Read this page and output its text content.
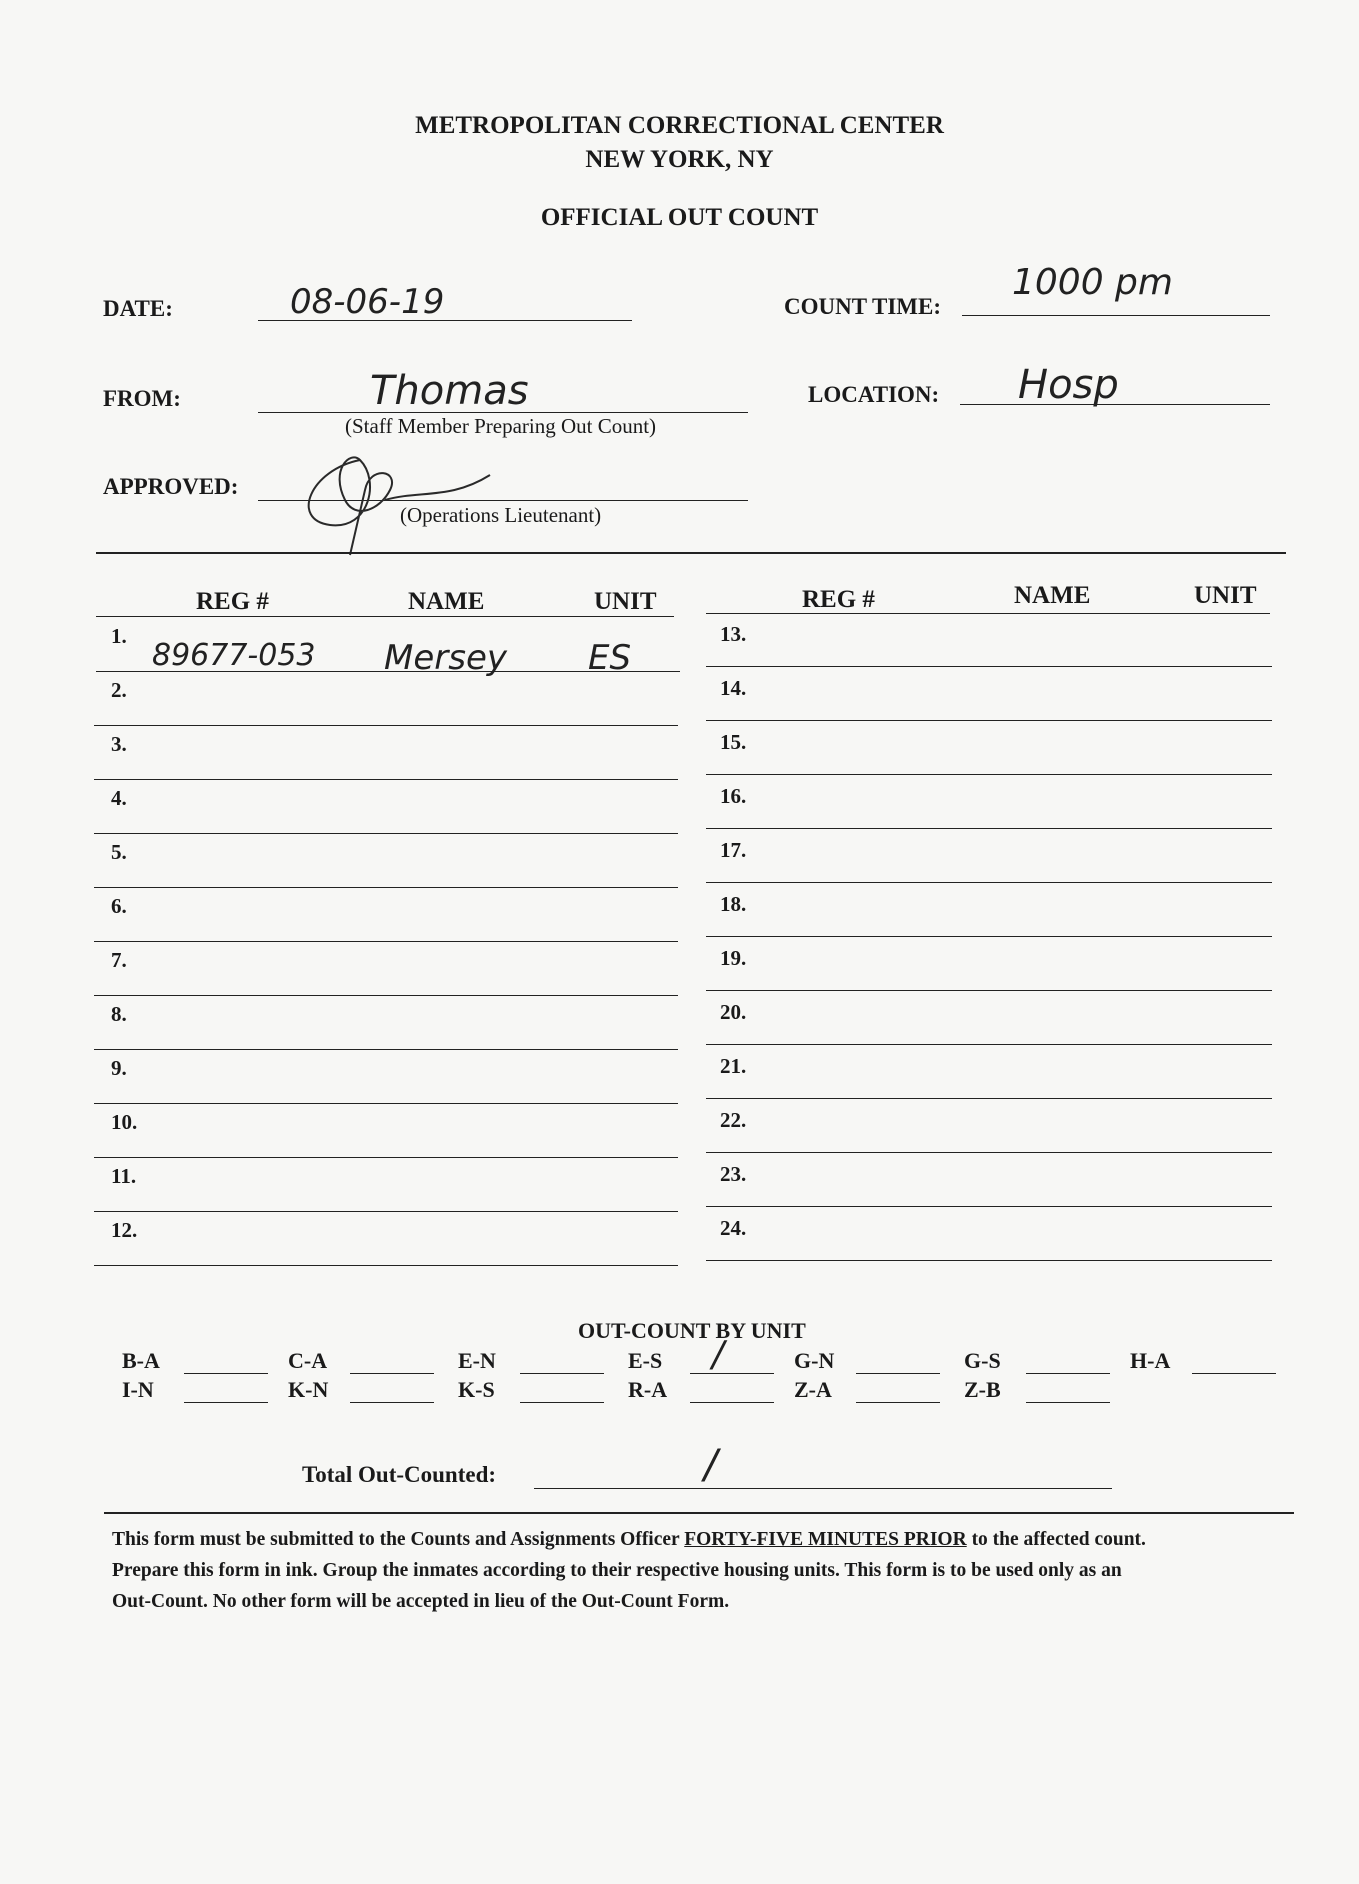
METROPOLITAN CORRECTIONAL CENTER
NEW YORK, NY
OFFICIAL OUT COUNT
DATE:	08-06-19	COUNT TIME:
1000 pm
FROM:	Thomas
(Staff Member Preparing Out Count)
LOCATION: Hosp
APPROVED:
(Operations Lieutenant)
REG #	NAME	UNIT	REG #	NAME	UNIT
1.
89677-053 Mersey ES
2.
3.
4.
5.
6.
7.
8.
9.
10.
11.
12.
13.
14.
15.
16.
17.
18.
19.
20.
21.
22.
23.
24.
OUT-COUNT BY UNIT
B-A	C-A	E-N	E-S /	G-N	G-S	H-A
I-N	K-N	K-S	R-A	Z-A	Z-B
Total Out-Counted:	/
This form must be submitted to the Counts and Assignments Officer FORTY-FIVE MINUTES PRIOR to the affected count.
Prepare this form in ink. Group the inmates according to their respective housing units. This form is to be used only as an
Out-Count. No other form will be accepted in lieu of the Out-Count Form.
